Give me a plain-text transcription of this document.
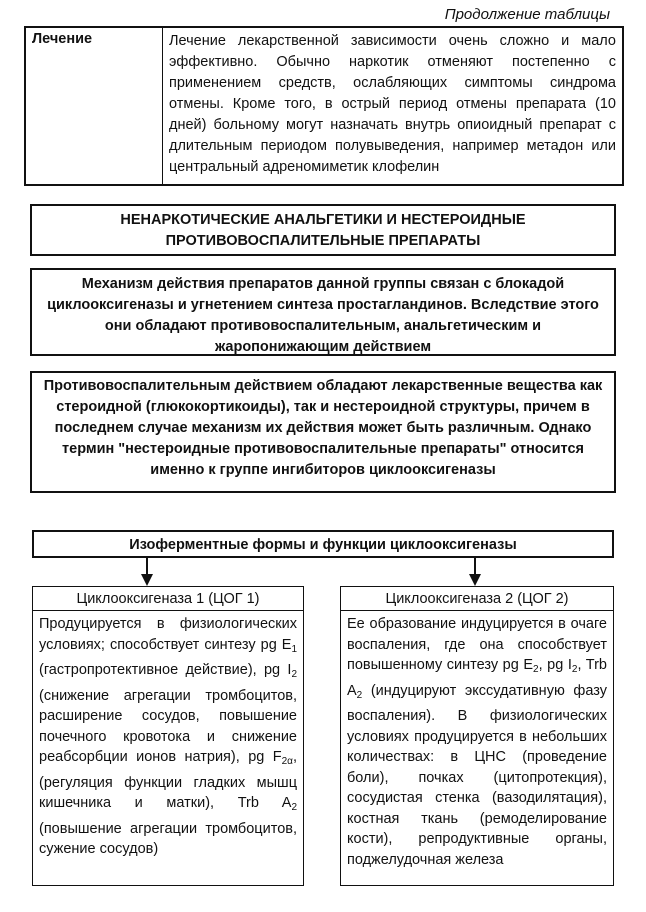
Продолжение таблицы
Лечение	Лечение лекарственной зависимости очень сложно и мало эффективно. Обычно наркотик отменяют постепенно с применением средств, ослабляющих симптомы синдрома отмены. Кроме того, в острый период отмены препарата (10 дней) больному могут назначать внутрь опиоидный препарат с длительным периодом полувыведения, например метадон или центральный адреномиметик клофелин
НЕНАРКОТИЧЕСКИЕ АНАЛЬГЕТИКИ И НЕСТЕРОИДНЫЕ ПРОТИВОВОСПАЛИТЕЛЬНЫЕ ПРЕПАРАТЫ
Механизм действия препаратов данной группы связан с блокадой циклооксигеназы и угнетением синтеза простагландинов. Вследствие этого они обладают противовоспалительным, анальгетическим и жаропонижающим действием
Противовоспалительным действием обладают лекарственные вещества как стероидной (глюкокортикоиды), так и нестероидной структуры, причем в последнем случае механизм их действия может быть различным. Однако термин "нестероидные противовоспалительные препараты" относится именно к группе ингибиторов циклооксигеназы
Изоферментные формы и функции циклооксигеназы
Циклооксигеназа 1 (ЦОГ 1)
Продуцируется в физиологических условиях; способствует синтезу pg $E_1$ (гастропротективное действие), pg $I_2$ (снижение агрегации тромбоцитов, расширение сосудов, повышение почечного кровотока и снижение реабсорбции ионов натрия), pg $F_{2\alpha}$, (регуляция функции гладких мышц кишечника и матки), Trb $A_2$ (повышение агрегации тромбоцитов, сужение сосудов)
Циклооксигеназа 2 (ЦОГ 2)
Ее образование индуцируется в очаге воспаления, где она способствует повышенному синтезу pg $E_2$, pg $I_2$, Trb $A_2$ (индуцируют экссудативную фазу воспаления). В физиологических условиях продуцируется в небольших количествах: в ЦНС (проведение боли), почках (цитопротекция), сосудистая стенка (вазодилятация), костная ткань (ремоделирование кости), репродуктивные органы, поджелудочная железа
